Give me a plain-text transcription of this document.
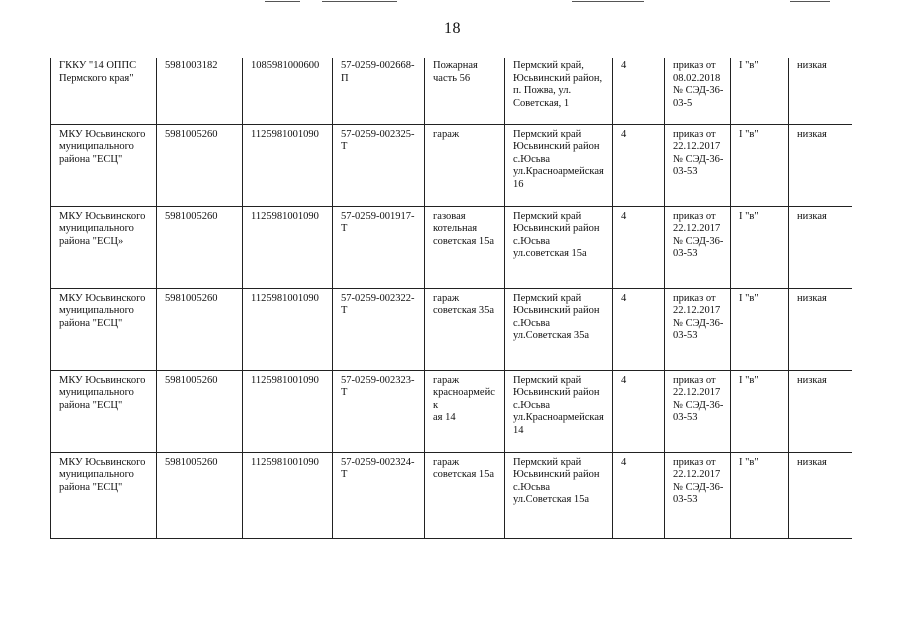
18
ГККУ "14 ОППС
Пермского края"	5981003182	1085981000600	57-0259-002668-
П	Пожарная
часть 56	Пермский край,
Юсьвинский район,
п. Пожва, ул.
Советская, 1	4	приказ от
08.02.2018
№ СЭД-36-
03-5	I "в"	низкая

МКУ Юсьвинского
муниципального
района "ЕСЦ"	5981005260	1125981001090	57-0259-002325-
Т	гараж	Пермский край
Юсьвинский район
с.Юсьва
ул.Красноармейская
16	4	приказ от
22.12.2017
№ СЭД-36-
03-53	I "в"	низкая

МКУ Юсьвинского
муниципального
района "ЕСЦ»	5981005260	1125981001090	57-0259-001917-
Т	газовая
котельная
советская 15а	Пермский край
Юсьвинский район
с.Юсьва
ул.советская 15а	4	приказ от
22.12.2017
№ СЭД-36-
03-53	I "в"	низкая

МКУ Юсьвинского
муниципального
района "ЕСЦ"	5981005260	1125981001090	57-0259-002322-
Т	гараж
советская 35а	Пермский край
Юсьвинский район
с.Юсьва
ул.Советская 35а	4	приказ от
22.12.2017
№ СЭД-36-
03-53	I "в"	низкая

МКУ Юсьвинского
муниципального
района "ЕСЦ"	5981005260	1125981001090	57-0259-002323-
Т	гараж
красноармейск
ая 14	Пермский край
Юсьвинский район
с.Юсьва
ул.Красноармейская
14	4	приказ от
22.12.2017
№ СЭД-36-
03-53	I "в"	низкая

МКУ Юсьвинского
муниципального
района "ЕСЦ"	5981005260	1125981001090	57-0259-002324-
Т	гараж
советская 15а	Пермский край
Юсьвинский район
с.Юсьва
ул.Советская 15а	4	приказ от
22.12.2017
№ СЭД-36-
03-53	I "в"	низкая
